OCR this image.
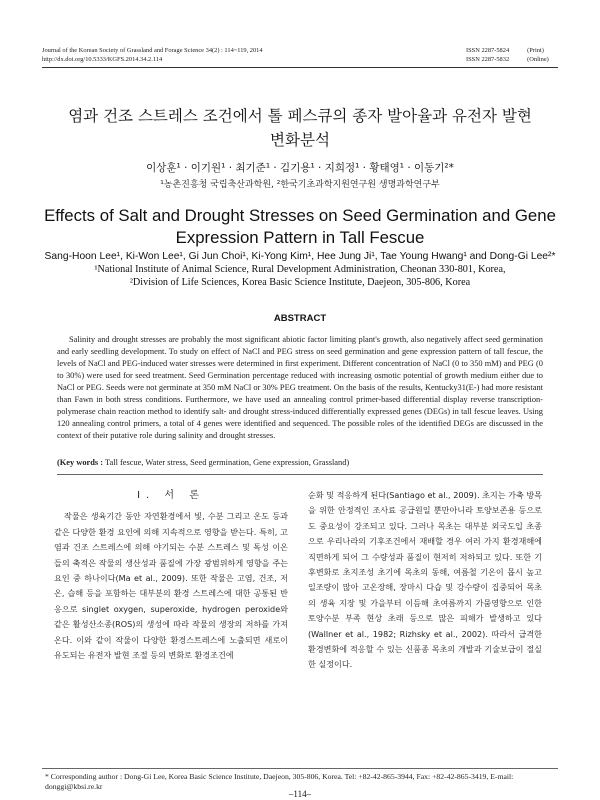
Journal of the Korean Society of Grassland and Forage Science 34(2) : 114~119, 2014
http://dx.doi.org/10.5333/KGFS.2014.34.2.114
ISSN 2287-5824	(Print)
ISSN 2287-5832	(Online)
염과 건조 스트레스 조건에서 톨 페스큐의 종자 발아율과 유전자 발현
변화분석
이상훈¹ · 이기원¹ · 최기준¹ · 김기용¹ · 지희정¹ · 황태영¹ · 이동기²*
¹농촌진흥청 국립축산과학원, ²한국기초과학지원연구원 생명과학연구부
Effects of Salt and Drought Stresses on Seed Germination and Gene
Expression Pattern in Tall Fescue
Sang-Hoon Lee¹, Ki-Won Lee¹, Gi Jun Choi¹, Ki-Yong Kim¹, Hee Jung Ji¹, Tae Young Hwang¹ and Dong-Gi Lee²*
¹National Institute of Animal Science, Rural Development Administration, Cheonan 330-801, Korea,
²Division of Life Sciences, Korea Basic Science Institute, Daejeon, 305-806, Korea
ABSTRACT

Salinity and drought stresses are probably the most significant abiotic factor limiting plant's growth, also negatively affect seed germination and early seedling development. To study on effect of NaCl and PEG stress on seed germination and gene expression pattern of tall fescue, the levels of NaCl and PEG-induced water stresses were determined in first experiment. Different concentration of NaCl (0 to 350 mM) and PEG (0 to 30%) were used for seed treatment. Seed Germination percentage reduced with increasing osmotic potential of growth medium either due to NaCl or PEG. Seeds were not germinate at 350 mM NaCl or 30% PEG treatment. On the basis of the results, Kentucky31(E-) had more resistant than Fawn in both stress conditions. Furthermore, we have used an annealing control primer-based differential display reverse transcription-polymerase chain reaction method to identify salt- and drought stress-induced differentially expressed genes (DEGs) in tall fescue leaves. Using 120 annealing control primers, a total of 4 genes were identified and sequenced. The possible roles of the identified DEGs are discussed in the context of their putative role during salinity and drought stresses.

(Key words : Tall fescue, Water stress, Seed germination, Gene expression, Grassland)
Ⅰ. 서 론

작물은 생육기간 동안 자연환경에서 빛, 수분 그리고 온도 등과 같은 다양한 환경 요인에 의해 지속적으로 영향을 받는다. 특히, 고염과 건조 스트레스에 의해 야기되는 수분 스트레스 및 독성 이온들의 축적은 작물의 생산성과 품질에 가장 광범위하게 영향을 주는 요인 중 하나이다(Ma et al., 2009). 또한 작물은 고염, 건조, 저온, 습해 등을 포함하는 대부분의 환경 스트레스에 대한 공통된 반응으로 singlet oxygen, superoxide, hydrogen peroxide와 같은 활성산소종(ROS)의 생성에 따라 작물의 생장의 저하를 가져온다. 이와 같이 작물이 다양한 환경스트레스에 노출되면 새로이 유도되는 유전자 발현 조절 등의 변화로 환경조건에

순화 및 적응하게 된다(Santiago et al., 2009). 초지는 가축 방목을 위한 안정적인 조사료 공급원일 뿐만아니라 토양보존용 등으로도 중요성이 강조되고 있다. 그러나 목초는 대부분 외국도입 초종으로 우리나라의 기후조건에서 재배할 경우 여러 가지 환경재해에 직면하게 되어 그 수량성과 품질이 현저히 저하되고 있다. 또한 기후변화로 초지조성 초기에 목초의 동해, 여름철 기온이 몹시 높고 일조량이 많아 고온장해, 장마시 다습 및 강수량이 집중되어 목초의 생육 지장 및 가을부터 이듬해 초여름까지 가뭄영향으로 인한 토양수분 부족 현상 초래 등으로 많은 피해가 발생하고 있다(Wallner et al., 1982; Rizhsky et al., 2002). 따라서 급격한 환경변화에 적응할 수 있는 신품종 목초의 개발과 기술보급이 절실한 실정이다.

* Corresponding author : Dong-Gi Lee, Korea Basic Science Institute, Daejeon, 305-806, Korea. Tel: +82-42-865-3944, Fax: +82-42-865-3419, E-mail: donggi@kbsi.re.kr
–114–
